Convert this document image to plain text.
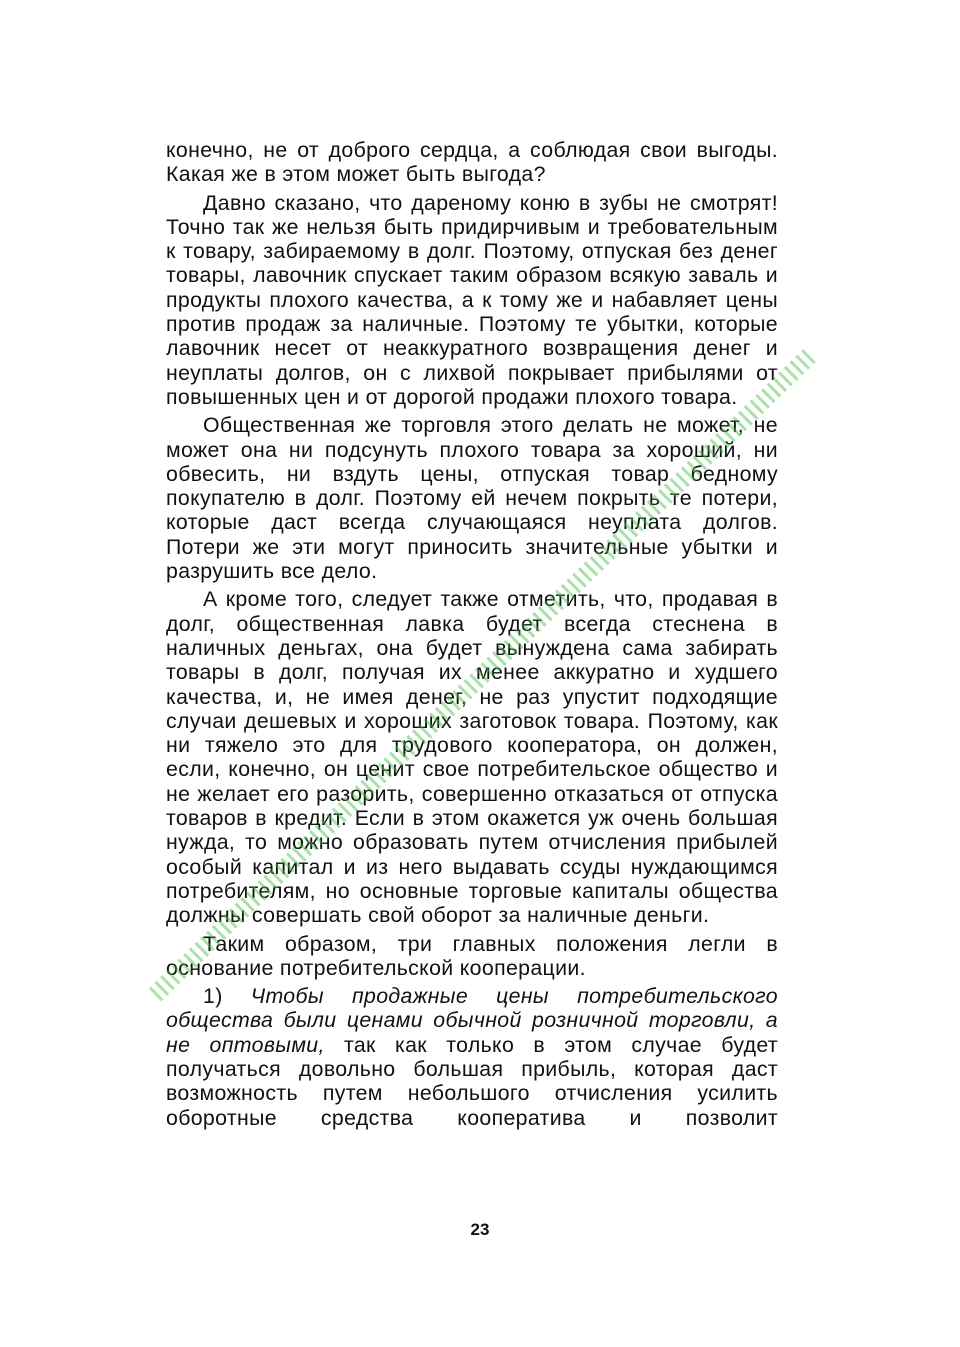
конечно, не от доброго сердца, а соблюдая свои выгоды. Какая же в этом может быть выгода?

Давно сказано, что дареному коню в зубы не смотрят! Точно так же нельзя быть придирчивым и требовательным к товару, забираемому в долг. Поэтому, отпуская без денег товары, лавочник спускает таким образом всякую заваль и продукты плохого качества, а к тому же и набавляет цены против продаж за наличные. Поэтому те убытки, которые лавочник несет от неаккуратного возвращения денег и неуплаты долгов, он с лихвой покрывает прибылями от повышенных цен и от дорогой продажи плохого товара.

Общественная же торговля этого делать не может, не может она ни подсунуть плохого товара за хороший, ни обвесить, ни вздуть цены, отпуская товар бедному покупателю в долг. Поэтому ей нечем покрыть те потери, которые даст всегда случающаяся неуплата долгов. Потери же эти могут приносить значительные убытки и разрушить все дело.

А кроме того, следует также отметить, что, продавая в долг, общественная лавка будет всегда стеснена в наличных деньгах, она будет вынуждена сама забирать товары в долг, получая их менее аккуратно и худшего качества, и, не имея денег, не раз упустит подходящие случаи дешевых и хороших заготовок товара. Поэтому, как ни тяжело это для трудового кооператора, он должен, если, конечно, он ценит свое потребительское общество и не желает его разорить, совершенно отказаться от отпуска товаров в кредит. Если в этом окажется уж очень большая нужда, то можно образовать путем отчисления прибылей особый капитал и из него выдавать ссуды нуждающимся потребителям, но основные торговые капиталы общества должны совершать свой оборот за наличные деньги.

Таким образом, три главных положения легли в основание потребительской кооперации.

1) Чтобы продажные цены потребительского общества были ценами обычной розничной торговли, а не оптовыми, так как только в этом случае будет получаться довольно большая прибыль, которая даст возможность путем небольшого отчисления усилить оборотные средства кооператива и позволит

23
